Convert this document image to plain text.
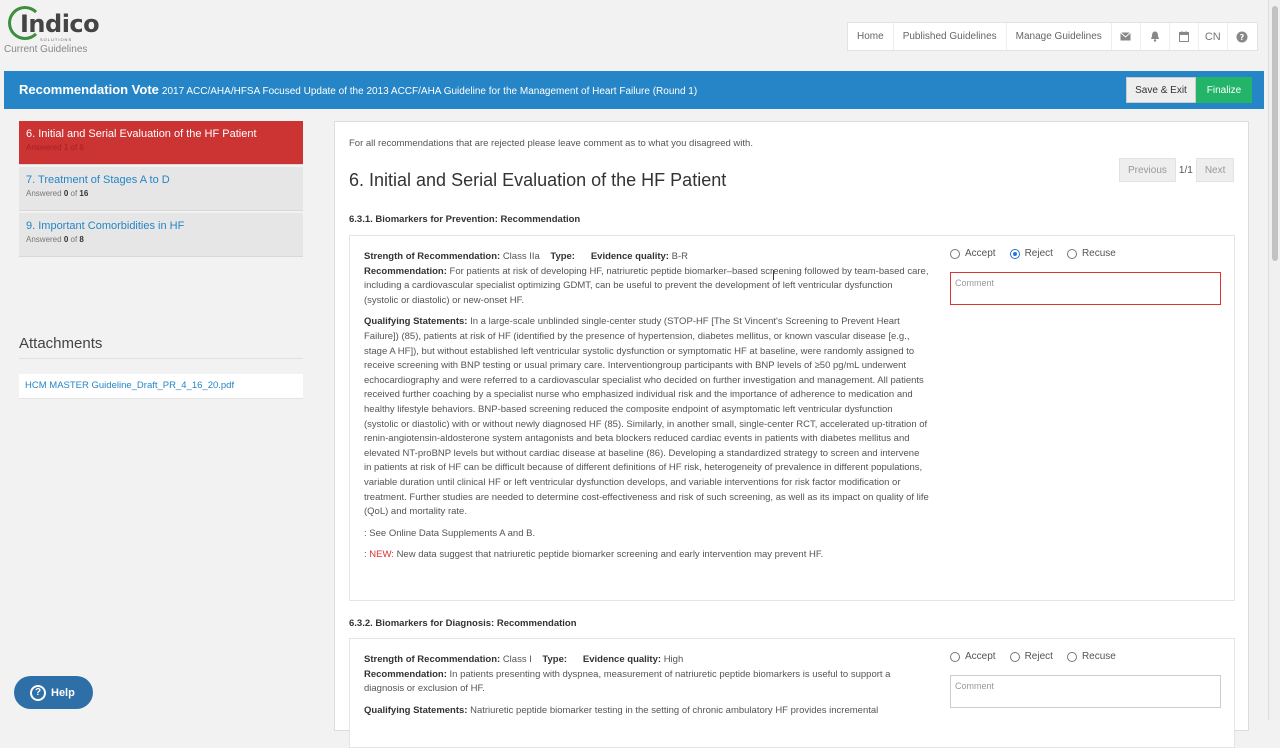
Indico
SOLUTIONS
Current Guidelines
Home	Published Guidelines	Manage Guidelines	CN	?
Recommendation Vote 2017 ACC/AHA/HFSA Focused Update of the 2013 ACCF/AHA Guideline for the Management of Heart Failure (Round 1)	Save & Exit	Finalize
6. Initial and Serial Evaluation of the HF Patient
Answered 1 of 6
7. Treatment of Stages A to D
Answered 0 of 16
9. Important Comorbidities in HF
Answered 0 of 8
Attachments
HCM MASTER Guideline_Draft_PR_4_16_20.pdf
? Help
For all recommendations that are rejected please leave comment as to what you disagreed with.
Previous	1/1	Next
6. Initial and Serial Evaluation of the HF Patient
6.3.1. Biomarkers for Prevention: Recommendation
Strength of Recommendation: Class IIa Type: Evidence quality: B-R
Recommendation: For patients at risk of developing HF, natriuretic peptide biomarker–based screening followed by team-based care, including a cardiovascular specialist optimizing GDMT, can be useful to prevent the development of left ventricular dysfunction (systolic or diastolic) or new-onset HF.
Qualifying Statements: In a large-scale unblinded single-center study (STOP-HF [The St Vincent's Screening to Prevent Heart Failure]) (85), patients at risk of HF (identified by the presence of hypertension, diabetes mellitus, or known vascular disease [e.g., stage A HF]), but without established left ventricular systolic dysfunction or symptomatic HF at baseline, were randomly assigned to receive screening with BNP testing or usual primary care. Interventiongroup participants with BNP levels of ≥50 pg/mL underwent echocardiography and were referred to a cardiovascular specialist who decided on further investigation and management. All patients received further coaching by a specialist nurse who emphasized individual risk and the importance of adherence to medication and healthy lifestyle behaviors. BNP-based screening reduced the composite endpoint of asymptomatic left ventricular dysfunction (systolic or diastolic) with or without newly diagnosed HF (85). Similarly, in another small, single-center RCT, accelerated up-titration of renin-angiotensin-aldosterone system antagonists and beta blockers reduced cardiac events in patients with diabetes mellitus and elevated NT-proBNP levels but without cardiac disease at baseline (86). Developing a standardized strategy to screen and intervene in patients at risk of HF can be difficult because of different definitions of HF risk, heterogeneity of prevalence in different populations, variable duration until clinical HF or left ventricular dysfunction develops, and variable interventions for risk factor modification or treatment. Further studies are needed to determine cost-effectiveness and risk of such screening, as well as its impact on quality of life (QoL) and mortality rate.
: See Online Data Supplements A and B.
: NEW: New data suggest that natriuretic peptide biomarker screening and early intervention may prevent HF.
Accept	Reject	Recuse
Comment
6.3.2. Biomarkers for Diagnosis: Recommendation
Strength of Recommendation: Class I Type: Evidence quality: High
Recommendation: In patients presenting with dyspnea, measurement of natriuretic peptide biomarkers is useful to support a diagnosis or exclusion of HF.
Qualifying Statements: Natriuretic peptide biomarker testing in the setting of chronic ambulatory HF provides incremental
Accept	Reject	Recuse
Comment
